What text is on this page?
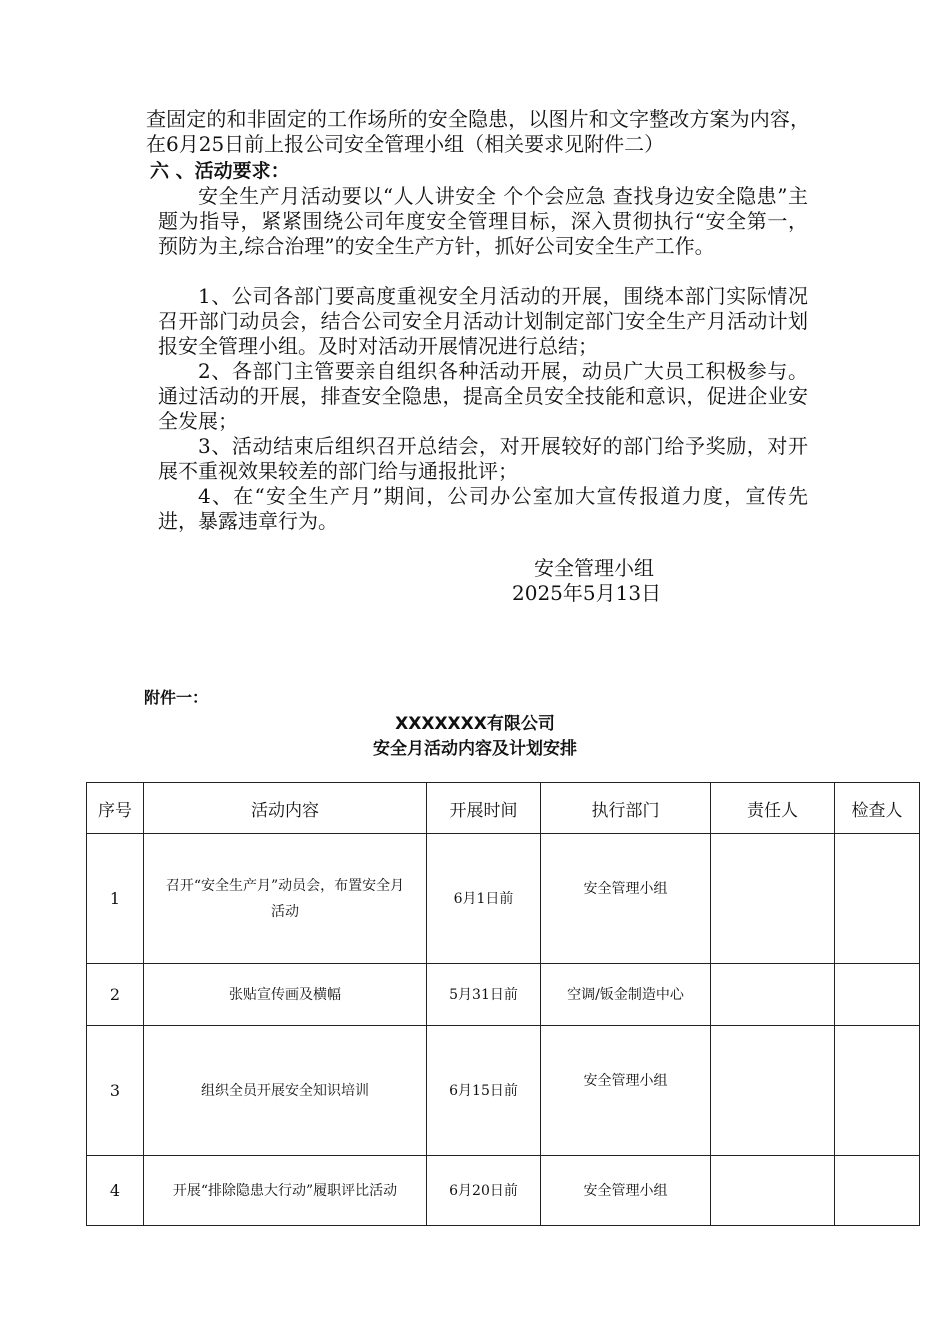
查固定的和非固定的工作场所的安全隐患，以图片和文字整改方案为内容，在6月25日前上报公司安全管理小组（相关要求见附件二）

六 、活动要求：

安全生产月活动要以“人人讲安全 个个会应急 查找身边安全隐患”主题为指导，紧紧围绕公司年度安全管理目标，深入贯彻执行“安全第一，预防为主,综合治理”的安全生产方针，抓好公司安全生产工作。

1、公司各部门要高度重视安全月活动的开展，围绕本部门实际情况召开部门动员会，结合公司安全月活动计划制定部门安全生产月活动计划报安全管理小组。及时对活动开展情况进行总结；

2、各部门主管要亲自组织各种活动开展，动员广大员工积极参与。通过活动的开展，排查安全隐患，提高全员安全技能和意识，促进企业安全发展；

3、活动结束后组织召开总结会，对开展较好的部门给予奖励，对开展不重视效果较差的部门给与通报批评；

4、在“安全生产月”期间，公司办公室加大宣传报道力度，宣传先进，暴露违章行为。

安全管理小组

2025年5月13日

附件一：
XXXXXXX有限公司
安全月活动内容及计划安排
序号	活动内容	开展时间	执行部门	责任人	检查人
1	召开“安全生产月”动员会，布置安全月活动	6月1日前	安全管理小组		

2	张贴宣传画及横幅	5月31日前	空调/钣金制造中心		
3	组织全员开展安全知识培训	6月15日前	安全管理小组		

4	开展“排除隐患大行动”履职评比活动	6月20日前	安全管理小组		
